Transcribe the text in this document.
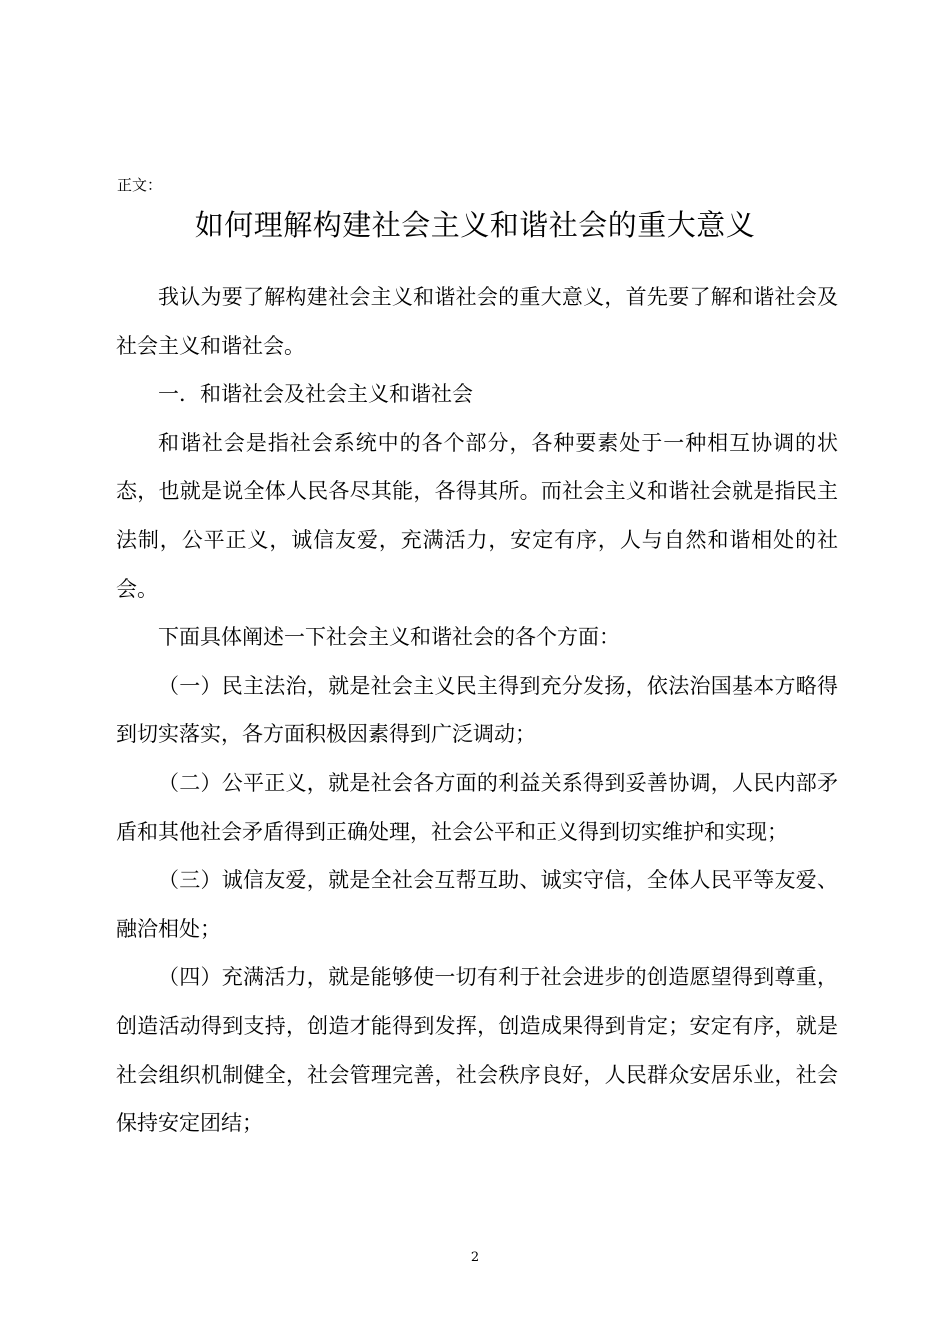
正文：
如何理解构建社会主义和谐社会的重大意义

我认为要了解构建社会主义和谐社会的重大意义，首先要了解和谐社会及社会主义和谐社会。

一．和谐社会及社会主义和谐社会

和谐社会是指社会系统中的各个部分，各种要素处于一种相互协调的状态，也就是说全体人民各尽其能，各得其所。而社会主义和谐社会就是指民主法制，公平正义，诚信友爱，充满活力，安定有序，人与自然和谐相处的社会。

下面具体阐述一下社会主义和谐社会的各个方面：

（一）民主法治，就是社会主义民主得到充分发扬，依法治国基本方略得到切实落实，各方面积极因素得到广泛调动；

（二）公平正义，就是社会各方面的利益关系得到妥善协调，人民内部矛盾和其他社会矛盾得到正确处理，社会公平和正义得到切实维护和实现；

（三）诚信友爱，就是全社会互帮互助、诚实守信，全体人民平等友爱、融洽相处；

（四）充满活力，就是能够使一切有利于社会进步的创造愿望得到尊重，创造活动得到支持，创造才能得到发挥，创造成果得到肯定；安定有序，就是社会组织机制健全，社会管理完善，社会秩序良好，人民群众安居乐业，社会保持安定团结；

2
